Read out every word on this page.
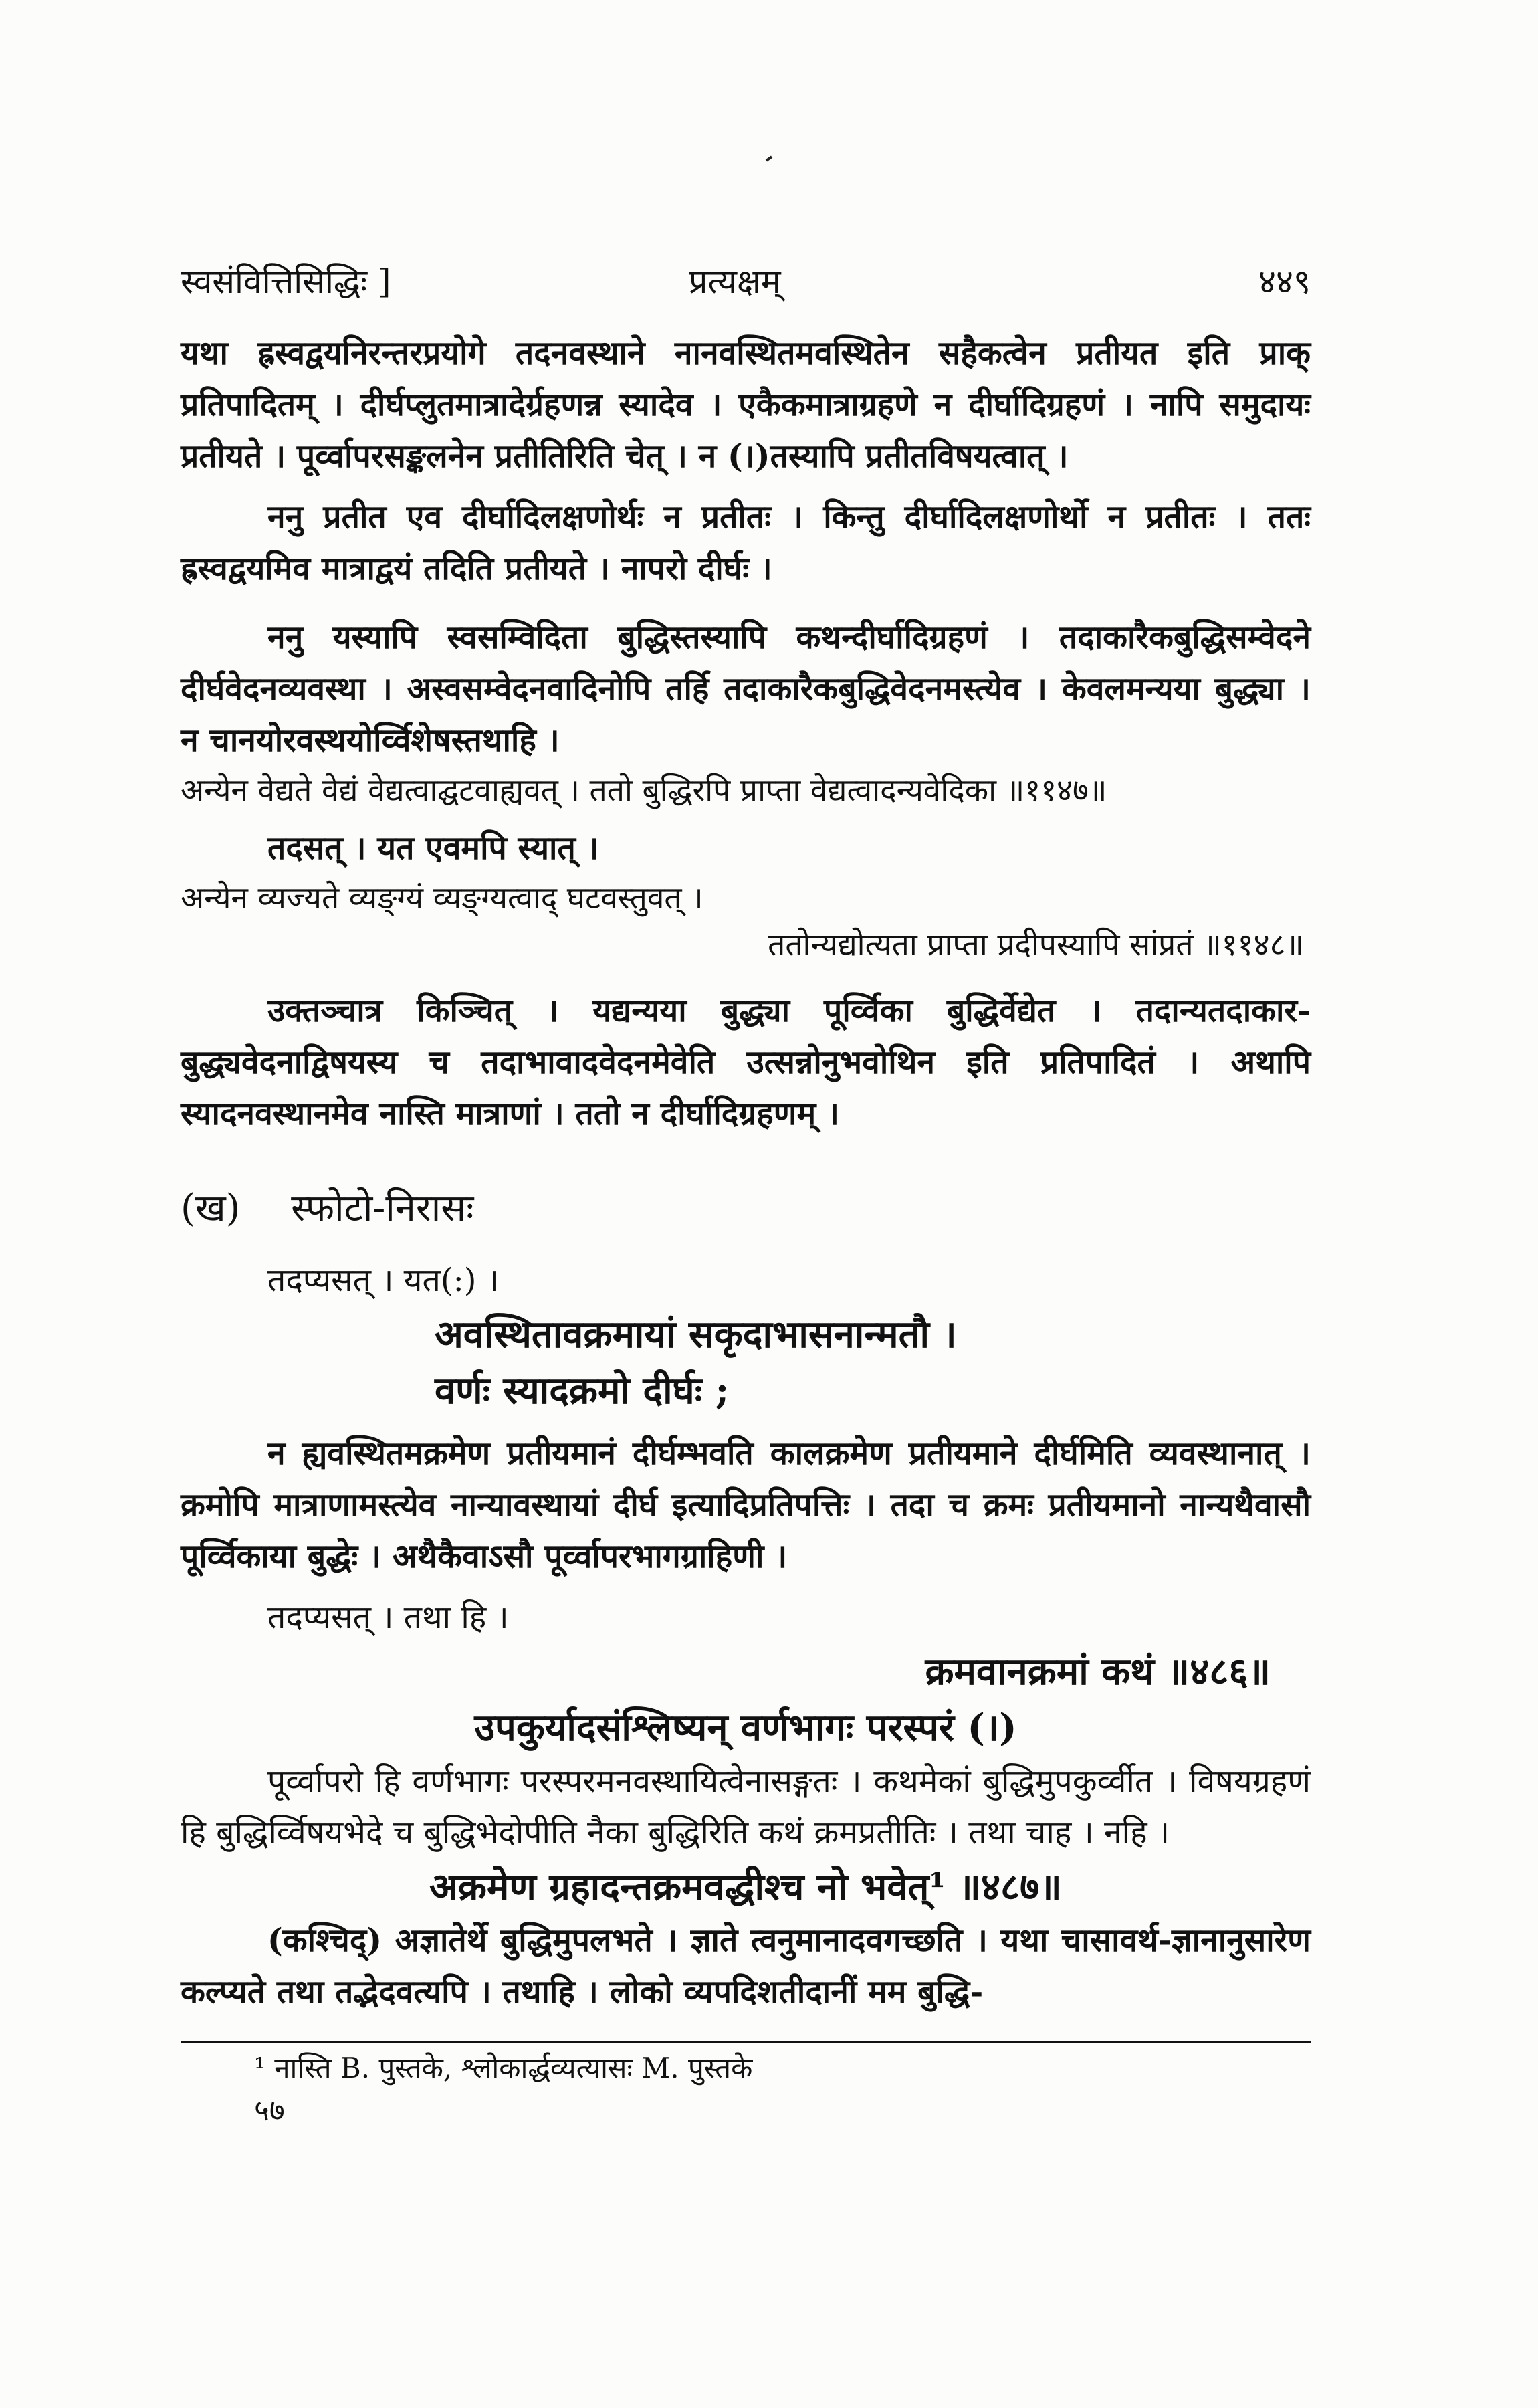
स्वसंवित्तिसिद्धिः ]	प्रत्यक्षम्	४४९

यथा ह्रस्वद्वयनिरन्तरप्रयोगे तदनवस्थाने नानवस्थितमवस्थितेन सहैकत्वेन प्रतीयत इति प्राक् प्रतिपादितम् । दीर्घप्लुतमात्रादेर्ग्रहणन्न स्यादेव । एकैकमात्राग्रहणे न दीर्घादिग्रहणं । नापि समुदायः प्रतीयते । पूर्व्वापरसङ्कलनेन प्रतीतिरिति चेत् । न (।)तस्यापि प्रतीतविषयत्वात् ।

ननु प्रतीत एव दीर्घादिलक्षणोर्थः न प्रतीतः । किन्तु दीर्घादिलक्षणोर्थो न प्रतीतः । ततः ह्रस्वद्वयमिव मात्राद्वयं तदिति प्रतीयते । नापरो दीर्घः ।

ननु यस्यापि स्वसम्विदिता बुद्धिस्तस्यापि कथन्दीर्घादिग्रहणं । तदाकारैकबुद्धिसम्वेदने दीर्घवेदनव्यवस्था । अस्वसम्वेदनवादिनोपि तर्हि तदाकारैकबुद्धिवेदनमस्त्येव । केवलमन्यया बुद्ध्या । न चानयोरवस्थयोर्व्विशेषस्तथाहि ।

अन्येन वेद्यते वेद्यं वेद्यत्वाद्घटवाह्यवत् । ततो बुद्धिरपि प्राप्ता वेद्यत्वादन्यवेदिका ॥११४७॥

तदसत् । यत एवमपि स्यात् ।

अन्येन व्यज्यते व्यङ्ग्यं व्यङ्ग्यत्वाद् घटवस्तुवत् ।

ततोन्यद्योत्यता प्राप्ता प्रदीपस्यापि सांप्रतं ॥११४८॥

उक्तञ्चात्र किञ्चित् । यद्यन्यया बुद्ध्या पूर्व्विका बुद्धिर्वेद्येत । तदान्यतदाकार-बुद्ध्यवेदनाद्विषयस्य च तदाभावादवेदनमेवेति उत्सन्नोनुभवोथिन इति प्रतिपादितं । अथापि स्यादनवस्थानमेव नास्ति मात्राणां । ततो न दीर्घादिग्रहणम् ।

(ख) स्फोटो-निरासः

तदप्यसत् । यत(:) ।

अवस्थितावक्रमायां सकृदाभासनान्मतौ ।

वर्णः स्यादक्रमो दीर्घः ;

न ह्यवस्थितमक्रमेण प्रतीयमानं दीर्घम्भवति कालक्रमेण प्रतीयमाने दीर्घमिति व्यवस्थानात् । क्रमोपि मात्राणामस्त्येव नान्यावस्थायां दीर्घ इत्यादिप्रतिपत्तिः । तदा च क्रमः प्रतीयमानो नान्यथैवासौ पूर्व्विकाया बुद्धेः । अथैकैवाऽसौ पूर्व्वापरभागग्राहिणी ।

तदप्यसत् । तथा हि ।

क्रमवानक्रमां कथं ॥४८६॥

उपकुर्यादसंश्लिष्यन् वर्णभागः परस्परं (।)

पूर्व्वापरो हि वर्णभागः परस्परमनवस्थायित्वेनासङ्गतः । कथमेकां बुद्धिमुपकुर्व्वीत । विषयग्रहणं हि बुद्धिर्व्विषयभेदे च बुद्धिभेदोपीति नैका बुद्धिरिति कथं क्रमप्रतीतिः । तथा चाह । नहि ।

अक्रमेण ग्रहादन्तक्रमवद्धीश्च नो भवेत्¹ ॥४८७॥

(कश्चिद्) अज्ञातेर्थे बुद्धिमुपलभते । ज्ञाते त्वनुमानादवगच्छति । यथा चासावर्थ-ज्ञानानुसारेण कल्प्यते तथा तद्भेदवत्यपि । तथाहि । लोको व्यपदिशतीदानीं मम बुद्धि-

¹ नास्ति B. पुस्तके, श्लोकार्द्धव्यत्यासः M. पुस्तके

५७
